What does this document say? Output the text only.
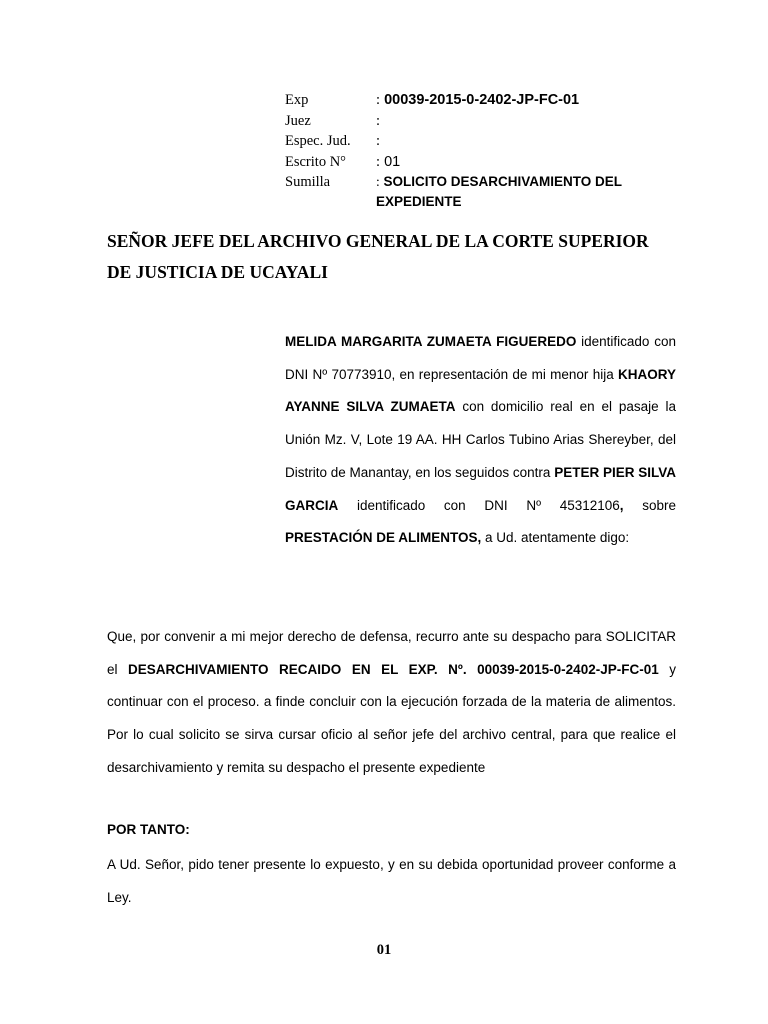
Exp	: 00039-2015-0-2402-JP-FC-01
Juez	:
Espec. Jud.	:
Escrito N°	: 01
Sumilla	: SOLICITO DESARCHIVAMIENTO DEL
EXPEDIENTE
SEÑOR JEFE DEL ARCHIVO GENERAL DE LA CORTE SUPERIOR
DE JUSTICIA DE UCAYALI

MELIDA MARGARITA ZUMAETA FIGUEREDO identificado con DNI Nº 70773910, en representación de mi menor hija KHAORY AYANNE SILVA ZUMAETA con domicilio real en el pasaje la Unión Mz. V, Lote 19 AA. HH Carlos Tubino Arias Shereyber, del Distrito de Manantay, en los seguidos contra PETER PIER SILVA GARCIA identificado con DNI Nº 45312106, sobre PRESTACIÓN DE ALIMENTOS, a Ud. atentamente digo:

Que, por convenir a mi mejor derecho de defensa, recurro ante su despacho para SOLICITAR el DESARCHIVAMIENTO RECAIDO EN EL EXP. Nº. 00039-2015-0-2402-JP-FC-01 y continuar con el proceso. a finde concluir con la ejecución forzada de la materia de alimentos. Por lo cual solicito se sirva cursar oficio al señor jefe del archivo central, para que realice el desarchivamiento y remita su despacho el presente expediente

POR TANTO:

A Ud. Señor, pido tener presente lo expuesto, y en su debida oportunidad proveer conforme a Ley.

01
